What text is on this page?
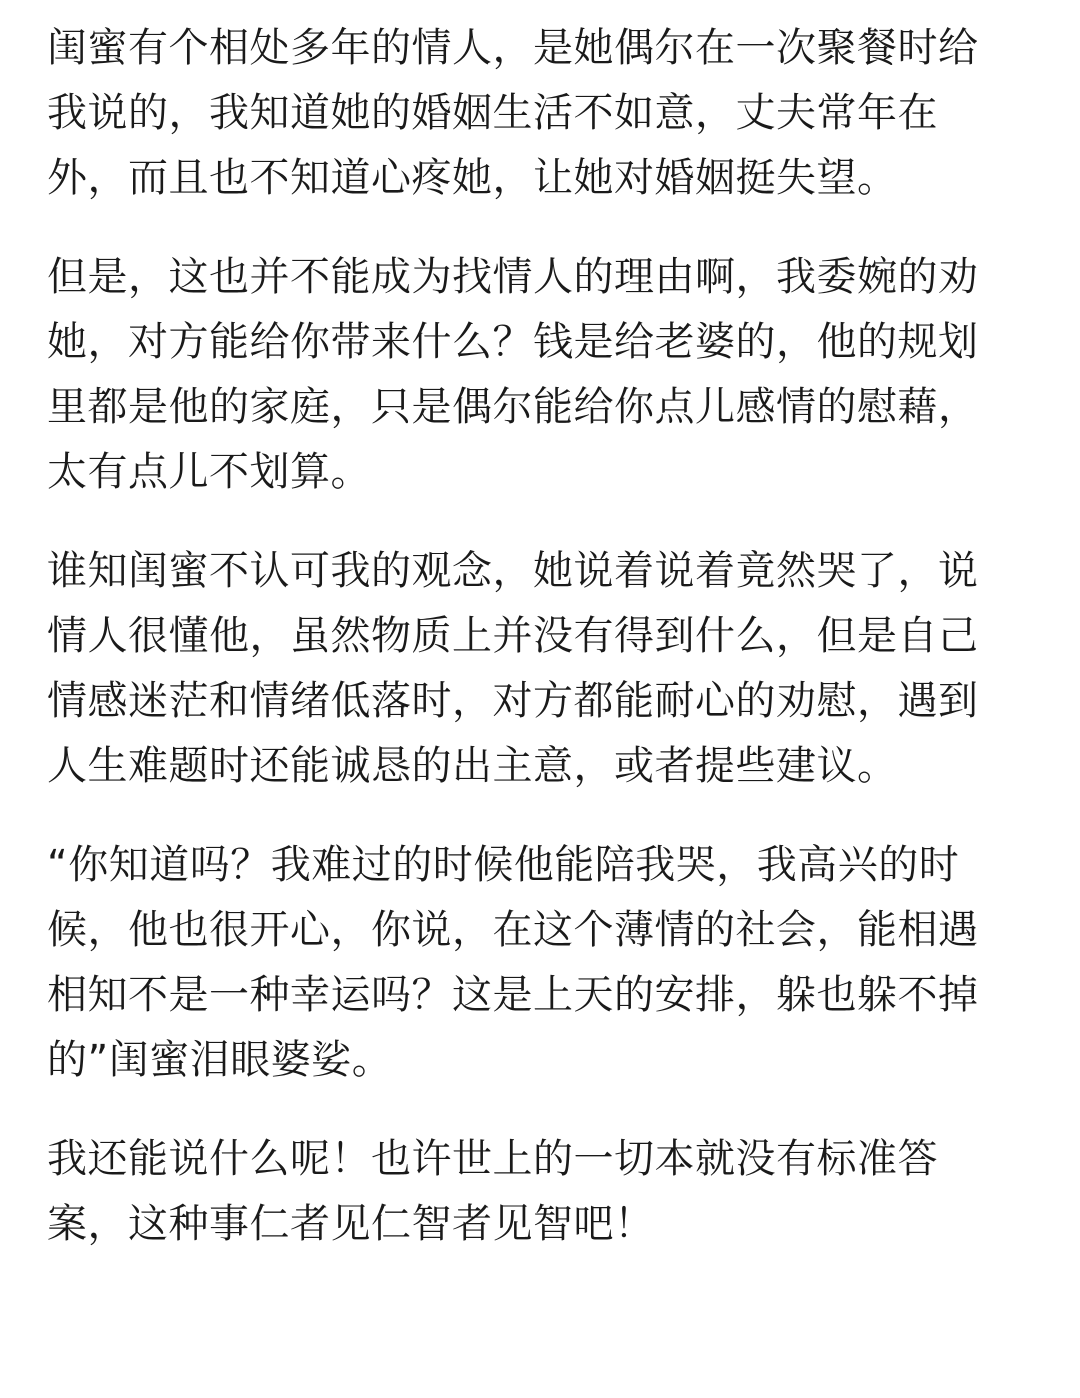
闺蜜有个相处多年的情人，是她偶尔在一次聚餐时给
我说的，我知道她的婚姻生活不如意，丈夫常年在
外，而且也不知道心疼她，让她对婚姻挺失望。

但是，这也并不能成为找情人的理由啊，我委婉的劝
她，对方能给你带来什么？钱是给老婆的，他的规划
里都是他的家庭，只是偶尔能给你点儿感情的慰藉，
太有点儿不划算。

谁知闺蜜不认可我的观念，她说着说着竟然哭了，说
情人很懂他，虽然物质上并没有得到什么，但是自己
情感迷茫和情绪低落时，对方都能耐心的劝慰，遇到
人生难题时还能诚恳的出主意，或者提些建议。

“你知道吗？我难过的时候他能陪我哭，我高兴的时
候，他也很开心，你说，在这个薄情的社会，能相遇
相知不是一种幸运吗？这是上天的安排，躲也躲不掉
的”闺蜜泪眼婆娑。

我还能说什么呢！也许世上的一切本就没有标准答
案，这种事仁者见仁智者见智吧！
